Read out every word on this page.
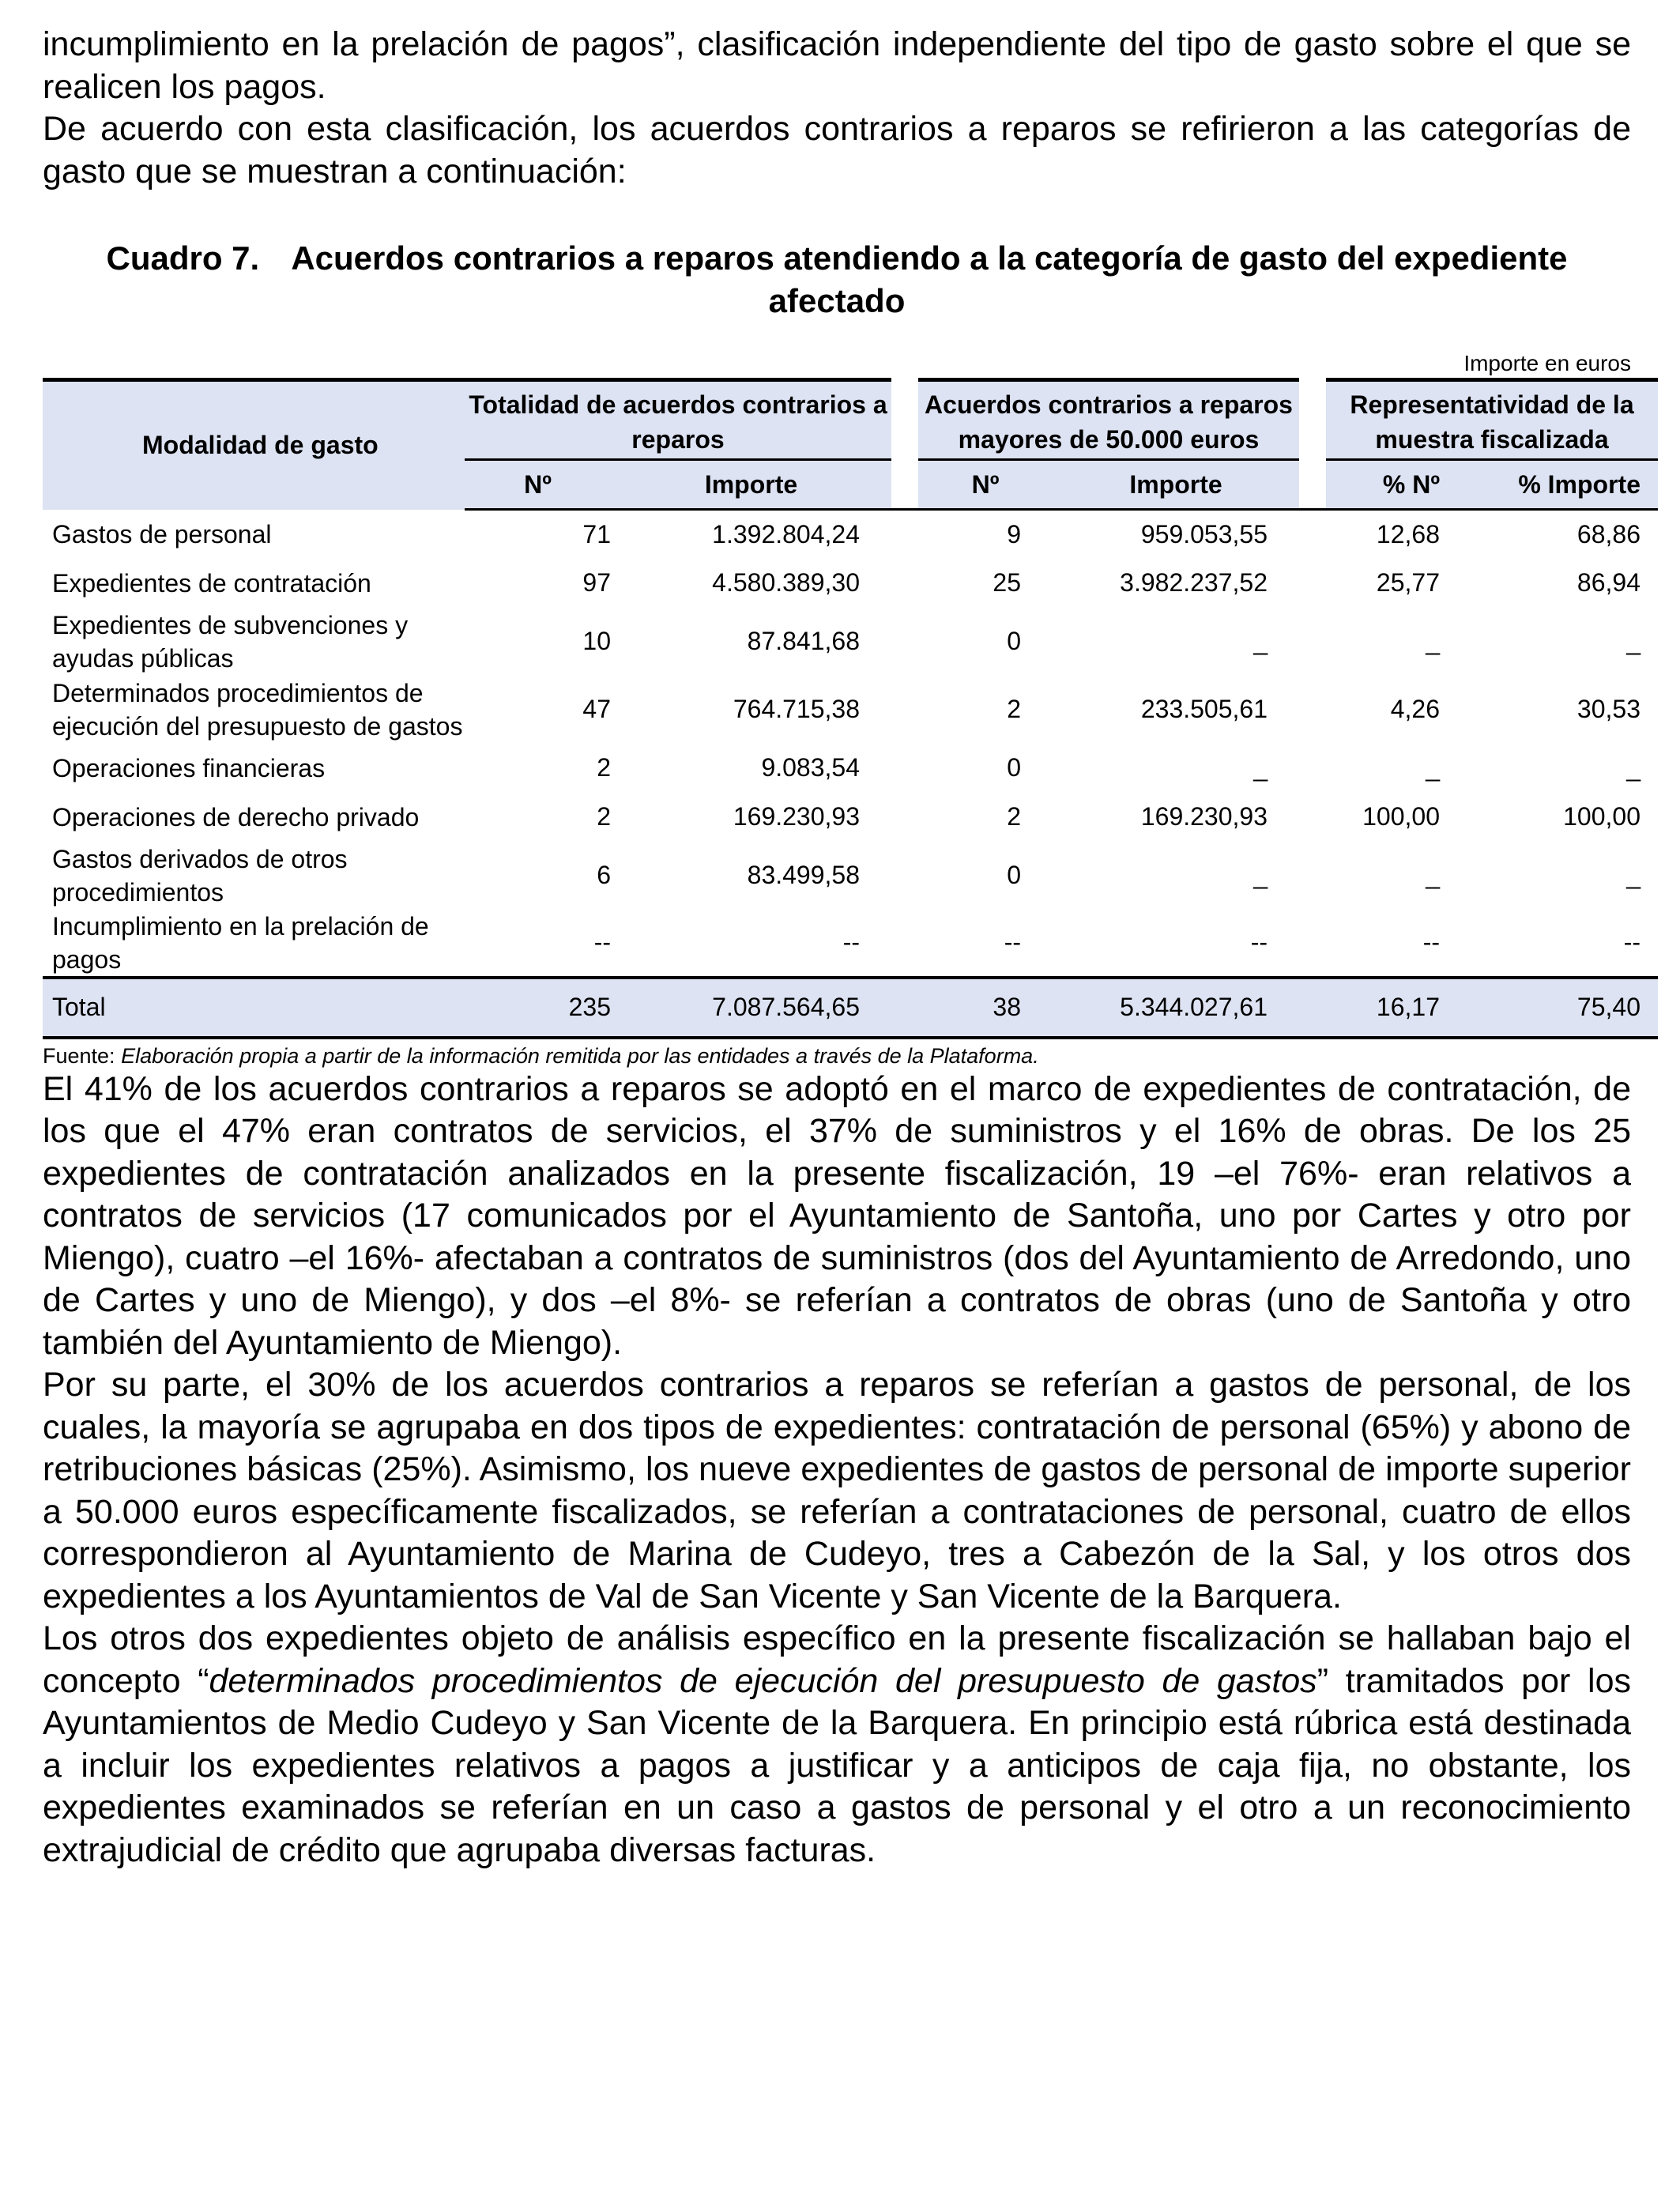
incumplimiento en la prelación de pagos”, clasificación independiente del tipo de gasto sobre el que se realicen los pagos.

De acuerdo con esta clasificación, los acuerdos contrarios a reparos se refirieron a las categorías de gasto que se muestran a continuación:

Cuadro 7. Acuerdos contrarios a reparos atendiendo a la categoría de gasto del expediente afectado
Importe en euros
Modalidad de gasto	Totalidad de acuerdos contrarios a reparos			Acuerdos contrarios a reparos mayores de 50.000 euros			Representatividad de la muestra fiscalizada	
	Nº	Importe		Nº	Importe		% Nº	% Importe
Gastos de personal	71	1.392.804,24		9	959.053,55		12,68	68,86
Expedientes de contratación	97	4.580.389,30		25	3.982.237,52		25,77	86,94
Expedientes de subvenciones y ayudas públicas	10	87.841,68		0	_		_	_
Determinados procedimientos de ejecución del presupuesto de gastos	47	764.715,38		2	233.505,61		4,26	30,53
Operaciones financieras	2	9.083,54		0	_		_	_
Operaciones de derecho privado	2	169.230,93		2	169.230,93		100,00	100,00
Gastos derivados de otros procedimientos	6	83.499,58		0	_		_	_
Incumplimiento en la prelación de pagos	--	--		--	--		--	--
Total	235	7.087.564,65		38	5.344.027,61		16,17	75,40
Fuente: Elaboración propia a partir de la información remitida por las entidades a través de la Plataforma.

El 41% de los acuerdos contrarios a reparos se adoptó en el marco de expedientes de contratación, de los que el 47% eran contratos de servicios, el 37% de suministros y el 16% de obras. De los 25 expedientes de contratación analizados en la presente fiscalización, 19 –el 76%- eran relativos a contratos de servicios (17 comunicados por el Ayuntamiento de Santoña, uno por Cartes y otro por Miengo), cuatro –el 16%- afectaban a contratos de suministros (dos del Ayuntamiento de Arredondo, uno de Cartes y uno de Miengo), y dos –el 8%- se referían a contratos de obras (uno de Santoña y otro también del Ayuntamiento de Miengo).

Por su parte, el 30% de los acuerdos contrarios a reparos se referían a gastos de personal, de los cuales, la mayoría se agrupaba en dos tipos de expedientes: contratación de personal (65%) y abono de retribuciones básicas (25%). Asimismo, los nueve expedientes de gastos de personal de importe superior a 50.000 euros específicamente fiscalizados, se referían a contrataciones de personal, cuatro de ellos correspondieron al Ayuntamiento de Marina de Cudeyo, tres a Cabezón de la Sal, y los otros dos expedientes a los Ayuntamientos de Val de San Vicente y San Vicente de la Barquera.

Los otros dos expedientes objeto de análisis específico en la presente fiscalización se hallaban bajo el concepto “determinados procedimientos de ejecución del presupuesto de gastos” tramitados por los Ayuntamientos de Medio Cudeyo y San Vicente de la Barquera. En principio está rúbrica está destinada a incluir los expedientes relativos a pagos a justificar y a anticipos de caja fija, no obstante, los expedientes examinados se referían en un caso a gastos de personal y el otro a un reconocimiento extrajudicial de crédito que agrupaba diversas facturas.
